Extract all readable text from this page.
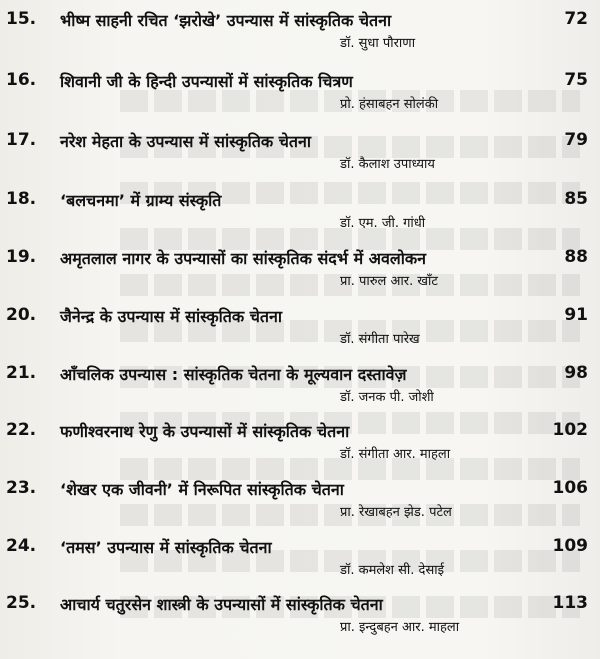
15. भीष्म साहनी रचित ‘झरोखे’ उपन्यास में सांस्कृतिक चेतना	72
डॉ. सुधा पौराणा
16. शिवानी जी के हिन्दी उपन्यासों में सांस्कृतिक चित्रण	75
प्रो. हंसाबहन सोलंकी
17. नरेश मेहता के उपन्यास में सांस्कृतिक चेतना	79
डॉ. कैलाश उपाध्याय
18. ‘बलचनमा’ में ग्राम्य संस्कृति	85
डॉ. एम. जी. गांधी
19. अमृतलाल नागर के उपन्यासों का सांस्कृतिक संदर्भ में अवलोकन	88
प्रा. पारुल आर. खाँट
20. जैनेन्द्र के उपन्यास में सांस्कृतिक चेतना	91
डॉ. संगीता पारेख
21. आँचलिक उपन्यास : सांस्कृतिक चेतना के मूल्यवान दस्तावेज़	98
डॉ. जनक पी. जोशी
22. फणीश्वरनाथ रेणु के उपन्यासों में सांस्कृतिक चेतना	102
डॉ. संगीता आर. माहला
23. ‘शेखर एक जीवनी’ में निरूपित सांस्कृतिक चेतना	106
प्रा. रेखाबहन झेड. पटेल
24. ‘तमस’ उपन्यास में सांस्कृतिक चेतना	109
डॉ. कमलेश सी. देसाई
25. आचार्य चतुरसेन शास्त्री के उपन्यासों में सांस्कृतिक चेतना	113
प्रा. इन्दुबहन आर. माहला
